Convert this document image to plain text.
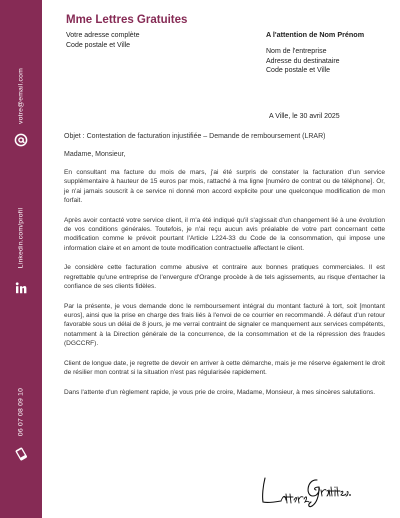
votre@email.com
Linkedin.com/profil
06 07 08 09 10
Mme Lettres Gratuites
Votre adresse complète
Code postale et Ville
A l'attention de Nom Prénom
Nom de l'entreprise
Adresse du destinataire
Code postale et Ville
A Ville, le 30 avril 2025
Objet : Contestation de facturation injustifiée – Demande de remboursement (LRAR)
Madame, Monsieur,

En consultant ma facture du mois de mars, j'ai été surpris de constater la facturation d'un service supplémentaire à hauteur de 15 euros par mois, rattaché à ma ligne [numéro de contrat ou de téléphone]. Or, je n'ai jamais souscrit à ce service ni donné mon accord explicite pour une quelconque modification de mon forfait.

Après avoir contacté votre service client, il m'a été indiqué qu'il s'agissait d'un changement lié à une évolution de vos conditions générales. Toutefois, je n'ai reçu aucun avis préalable de votre part concernant cette modification comme le prévoit pourtant l'Article L224-33 du Code de la consommation, qui impose une information claire et en amont de toute modification contractuelle affectant le client.

Je considère cette facturation comme abusive et contraire aux bonnes pratiques commerciales. Il est regrettable qu'une entreprise de l'envergure d'Orange procède à de tels agissements, au risque d'entacher la confiance de ses clients fidèles.

Par la présente, je vous demande donc le remboursement intégral du montant facturé à tort, soit [montant euros], ainsi que la prise en charge des frais liés à l'envoi de ce courrier en recommandé. À défaut d'un retour favorable sous un délai de 8 jours, je me verrai contraint de signaler ce manquement aux services compétents, notamment à la Direction générale de la concurrence, de la consommation et de la répression des fraudes (DGCCRF).

Client de longue date, je regrette de devoir en arriver à cette démarche, mais je me réserve également le droit de résilier mon contrat si la situation n'est pas régularisée rapidement.

Dans l'attente d'un règlement rapide, je vous prie de croire, Madame, Monsieur, à mes sincères salutations.
